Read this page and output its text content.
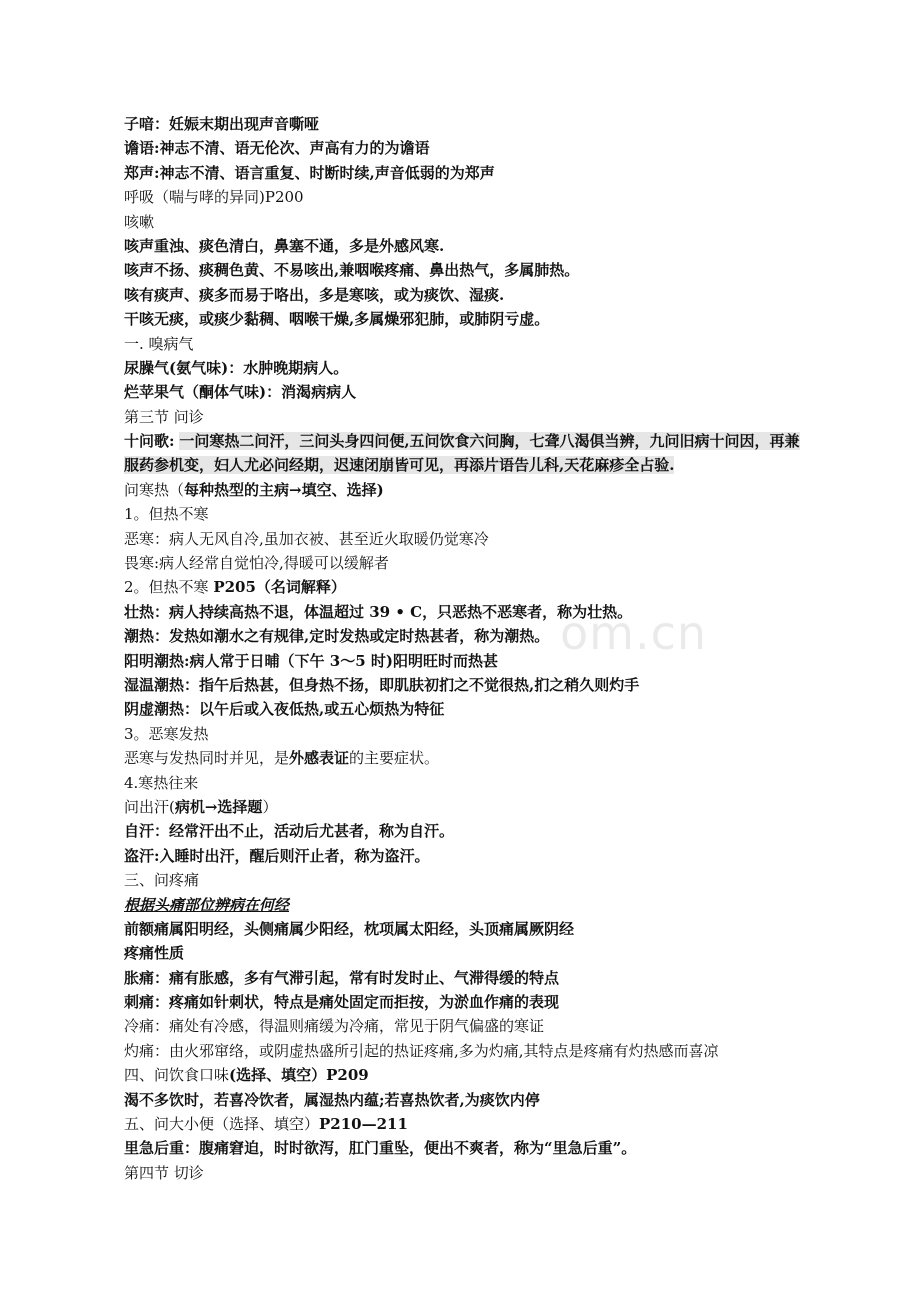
om.cn
子喑：妊娠末期出现声音嘶哑
谵语:神志不清、语无伦次、声高有力的为谵语
郑声:神志不清、语言重复、时断时续,声音低弱的为郑声
呼吸（喘与哮的异同)P200
咳嗽
咳声重浊、痰色清白，鼻塞不通，多是外感风寒.
咳声不扬、痰稠色黄、不易咳出,兼咽喉疼痛、鼻出热气，多属肺热。
咳有痰声、痰多而易于咯出，多是寒咳，或为痰饮、湿痰.
干咳无痰，或痰少黏稠、咽喉干燥,多属燥邪犯肺，或肺阴亏虚。
一. 嗅病气
尿臊气(氨气味)：水肿晚期病人。
烂苹果气（酮体气味)：消渴病病人
第三节 问诊
十问歌: 一问寒热二问汗，三问头身四问便,五问饮食六问胸，七聋八渴俱当辨，九问旧病十问因，再兼服药参机变，妇人尤必问经期，迟速闭崩皆可见，再添片语告儿科,天花麻疹全占验.
问寒热（每种热型的主病→填空、选择)
1。但热不寒
恶寒：病人无风自冷,虽加衣被、甚至近火取暖仍觉寒冷
畏寒:病人经常自觉怕冷,得暖可以缓解者
2。但热不寒 P205（名词解释）
壮热：病人持续高热不退，体温超过 39 • C，只恶热不恶寒者，称为壮热。
潮热：发热如潮水之有规律,定时发热或定时热甚者，称为潮热。
阳明潮热:病人常于日晡（下午 3～5 时)阳明旺时而热甚
湿温潮热：指午后热甚，但身热不扬，即肌肤初扪之不觉很热,扪之稍久则灼手
阴虚潮热：以午后或入夜低热,或五心烦热为特征
3。恶寒发热
恶寒与发热同时并见，是外感表证的主要症状。
4.寒热往来
问出汗(病机→选择题）
自汗：经常汗出不止，活动后尤甚者，称为自汗。
盗汗:入睡时出汗，醒后则汗止者，称为盗汗。
三、问疼痛
根据头痛部位辨病在何经
前额痛属阳明经，头侧痛属少阳经，枕项属太阳经，头顶痛属厥阴经
疼痛性质
胀痛：痛有胀感，多有气滞引起，常有时发时止、气滞得缓的特点
刺痛：疼痛如针刺状，特点是痛处固定而拒按，为淤血作痛的表现
冷痛：痛处有冷感，得温则痛缓为冷痛，常见于阴气偏盛的寒证
灼痛：由火邪窜络，或阴虚热盛所引起的热证疼痛,多为灼痛,其特点是疼痛有灼热感而喜凉
四、问饮食口味(选择、填空）P209
渴不多饮时，若喜冷饮者，属湿热内蕴;若喜热饮者,为痰饮内停
五、问大小便（选择、填空）P210—211
里急后重：腹痛窘迫，时时欲泻，肛门重坠，便出不爽者，称为“里急后重”。
第四节 切诊
